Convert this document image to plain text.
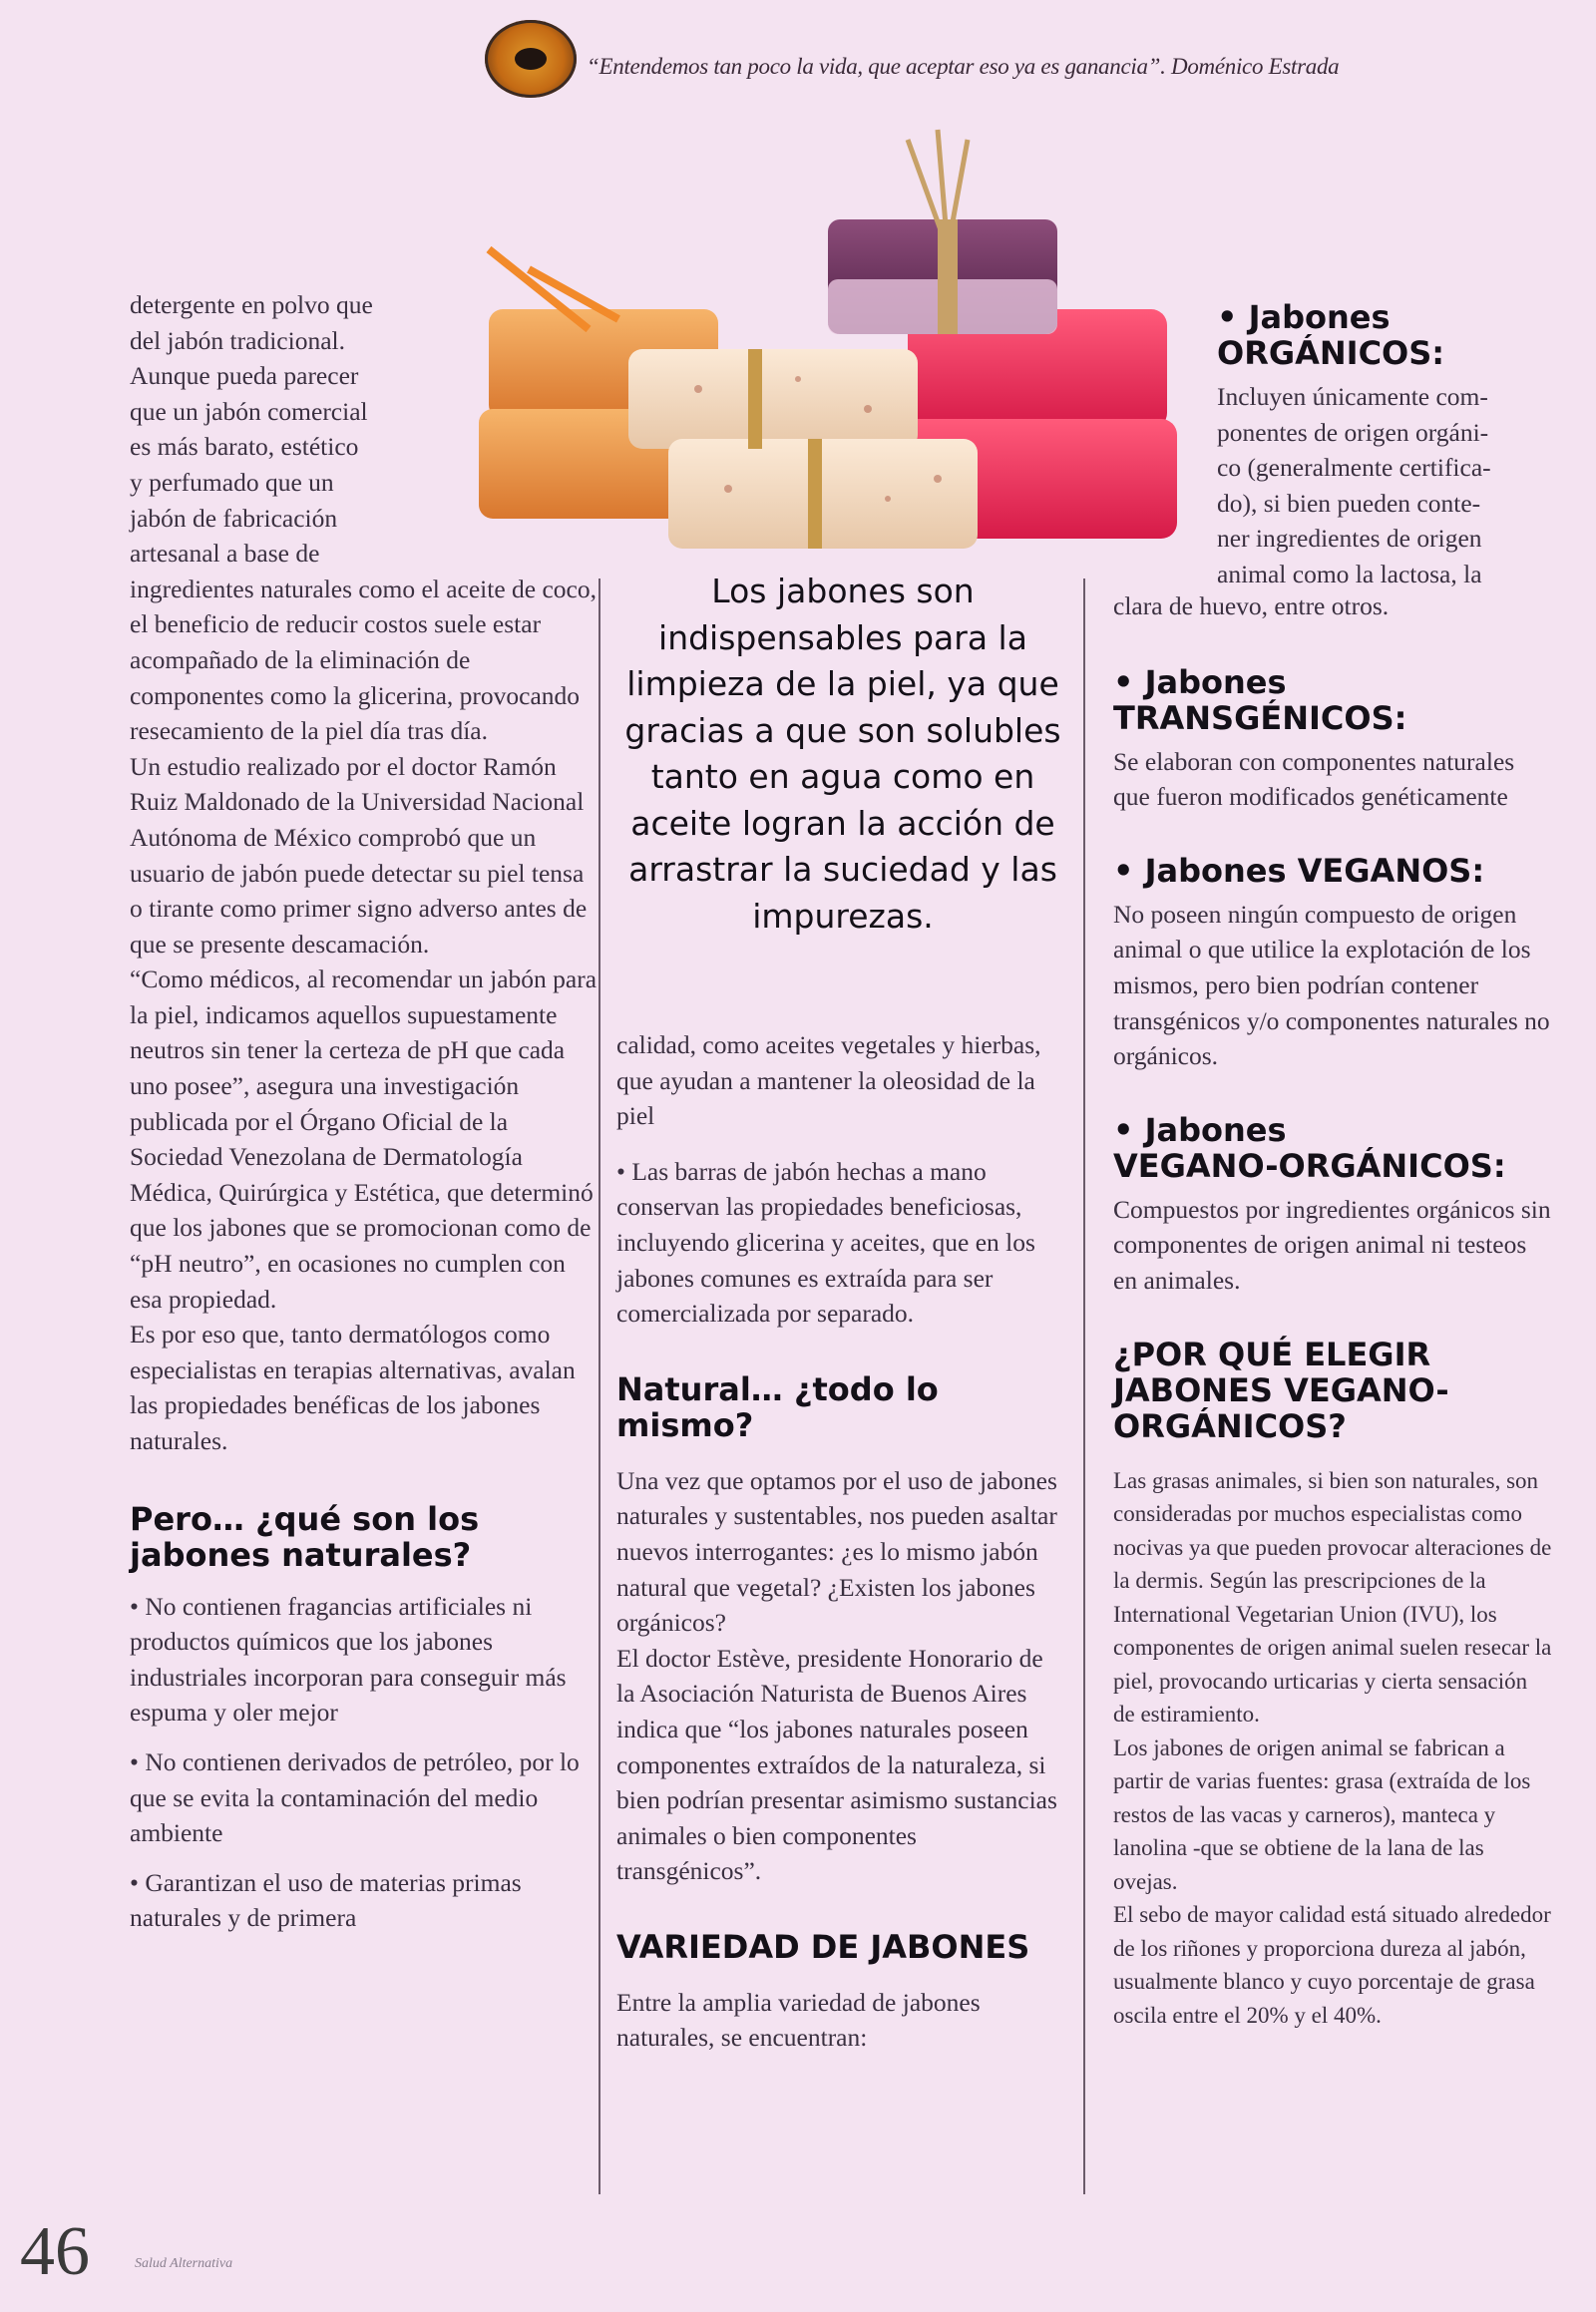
“Entendemos tan poco la vida, que aceptar eso ya es ganancia”. Doménico Estrada
detergente en polvo que
del jabón tradicional.
Aunque pueda parecer
que un jabón comercial
es más barato, estético
y perfumado que un
jabón de fabricación
artesanal a base de

ingredientes naturales como el aceite de coco, el beneficio de reducir costos suele estar acompañado de la eliminación de componentes como la glicerina, provocando resecamiento de la piel día tras día.

Un estudio realizado por el doctor Ramón Ruiz Maldonado de la Universidad Nacional Autónoma de México comprobó que un usuario de jabón puede detectar su piel tensa o tirante como primer signo adverso antes de que se presente descamación.

“Como médicos, al recomendar un jabón para la piel, indicamos aquellos supuestamente neutros sin tener la certeza de pH que cada uno posee”, asegura una investigación publicada por el Órgano Oficial de la Sociedad Venezolana de Dermatología Médica, Quirúrgica y Estética, que determinó que los jabones que se promocionan como de “pH neutro”, en ocasiones no cumplen con esa propiedad.

Es por eso que, tanto dermatólogos como especialistas en terapias alternativas, avalan las propiedades benéficas de los jabones naturales.

Pero… ¿qué son los jabones naturales?

• No contienen fragancias artificiales ni productos químicos que los jabones industriales incorporan para conseguir más espuma y oler mejor

• No contienen derivados de petróleo, por lo que se evita la contaminación del medio ambiente

• Garantizan el uso de materias primas naturales y de primera

Los jabones son indispensables para la limpieza de la piel, ya que gracias a que son solubles tanto en agua como en aceite logran la acción de arrastrar la suciedad y las impurezas.

calidad, como aceites vegetales y hierbas, que ayudan a mantener la oleosidad de la piel

• Las barras de jabón hechas a mano conservan las propiedades beneficiosas, incluyendo glicerina y aceites, que en los jabones comunes es extraída para ser comercializada por separado.

Natural… ¿todo lo mismo?

Una vez que optamos por el uso de jabones naturales y sustentables, nos pueden asaltar nuevos interrogantes: ¿es lo mismo jabón natural que vegetal? ¿Existen los jabones orgánicos?

El doctor Estève, presidente Honorario de la Asociación Naturista de Buenos Aires indica que “los jabones naturales poseen componentes extraídos de la naturaleza, si bien podrían presentar asimismo sustancias animales o bien componentes transgénicos”.

VARIEDAD DE JABONES

Entre la amplia variedad de jabones naturales, se encuentran:

• Jabones
ORGÁNICOS:
Incluyen únicamente com-
ponentes de origen orgáni-
co (generalmente certifica-
do), si bien pueden conte-
ner ingredientes de origen
animal como la lactosa, la

clara de huevo, entre otros.

• Jabones
TRANSGÉNICOS:

Se elaboran con componentes naturales que fueron modificados genéticamente

• Jabones VEGANOS:

No poseen ningún compuesto de origen animal o que utilice la explotación de los mismos, pero bien podrían contener transgénicos y/o componentes naturales no orgánicos.

• Jabones
VEGANO-ORGÁNICOS:

Compuestos por ingredientes orgánicos sin componentes de origen animal ni testeos en animales.

¿POR QUÉ ELEGIR JABONES VEGANO-ORGÁNICOS?

Las grasas animales, si bien son naturales, son consideradas por muchos especialistas como nocivas ya que pueden provocar alteraciones de la dermis. Según las prescripciones de la International Vegetarian Union (IVU), los componentes de origen animal suelen resecar la piel, provocando urticarias y cierta sensación de estiramiento.

Los jabones de origen animal se fabrican a partir de varias fuentes: grasa (extraída de los restos de las vacas y carneros), manteca y lanolina -que se obtiene de la lana de las ovejas.

El sebo de mayor calidad está situado alrededor de los riñones y proporciona dureza al jabón, usualmente blanco y cuyo porcentaje de grasa oscila entre el 20% y el 40%.

46	Salud Alternativa
